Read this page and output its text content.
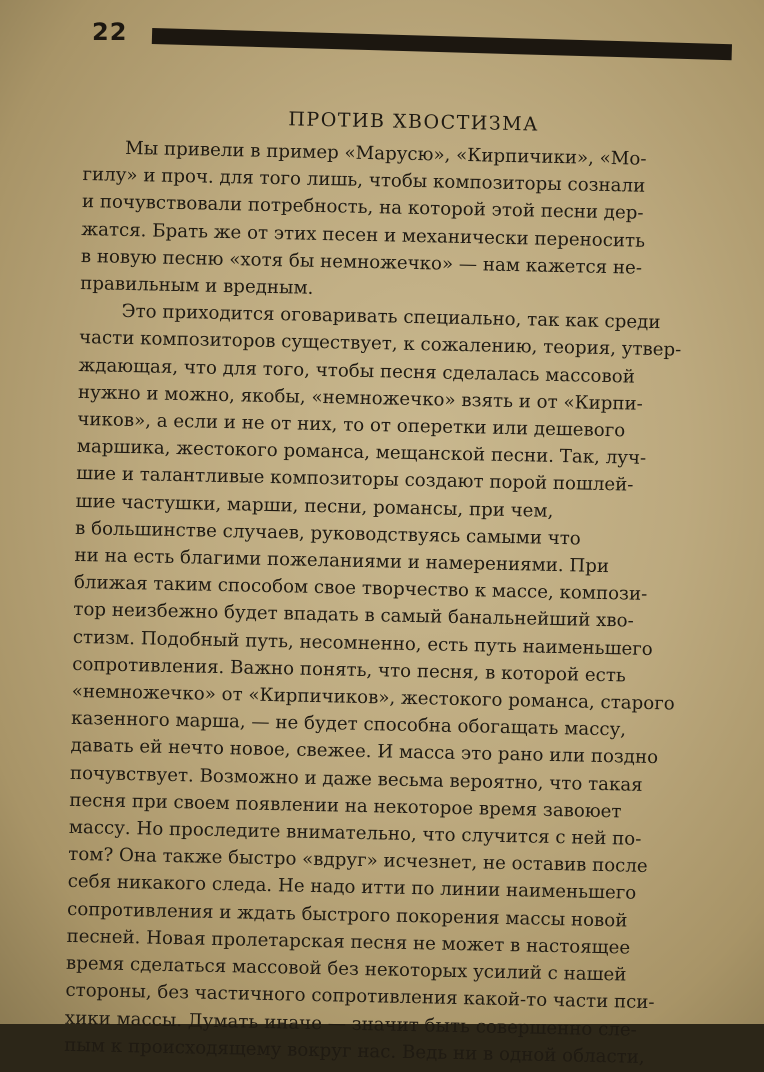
22
ПРОТИВ ХВОСТИЗМА
Мы привели в пример «Марусю», «Кирпичики», «Мо-
гилу» и проч. для того лишь, чтобы композиторы сознали
и почувствовали потребность, на которой этой песни дер-
жатся. Брать же от этих песен и механически переносить
в новую песню «хотя бы немножечко» — нам кажется не-
правильным и вредным.
Это приходится оговаривать специально, так как среди
части композиторов существует, к сожалению, теория, утвер-
ждающая, что для того, чтобы песня сделалась массовой
нужно и можно, якобы, «немножечко» взять и от «Кирпи-
чиков», а если и не от них, то от оперетки или дешевого
маршика, жестокого романса, мещанской песни. Так, луч-
шие и талантливые композиторы создают порой пошлей-
шие частушки, марши, песни, романсы, при чем,
в большинстве случаев, руководствуясь самыми что
ни на есть благими пожеланиями и намерениями. При
ближая таким способом свое творчество к массе, компози-
тор неизбежно будет впадать в самый банальнейший хво-
стизм. Подобный путь, несомненно, есть путь наименьшего
сопротивления. Важно понять, что песня, в которой есть
«немножечко» от «Кирпичиков», жестокого романса, старого
казенного марша, — не будет способна обогащать массу,
давать ей нечто новое, свежее. И масса это рано или поздно
почувствует. Возможно и даже весьма вероятно, что такая
песня при своем появлении на некоторое время завоюет
массу. Но проследите внимательно, что случится с ней по-
том? Она также быстро «вдруг» исчезнет, не оставив после
себя никакого следа. Не надо итти по линии наименьшего
сопротивления и ждать быстрого покорения массы новой
песней. Новая пролетарская песня не может в настоящее
время сделаться массовой без некоторых усилий с нашей
стороны, без частичного сопротивления какой-то части пси-
хики массы. Думать иначе — значит быть совершенно сле-
пым к происходящему вокруг нас. Ведь ни в одной области,
